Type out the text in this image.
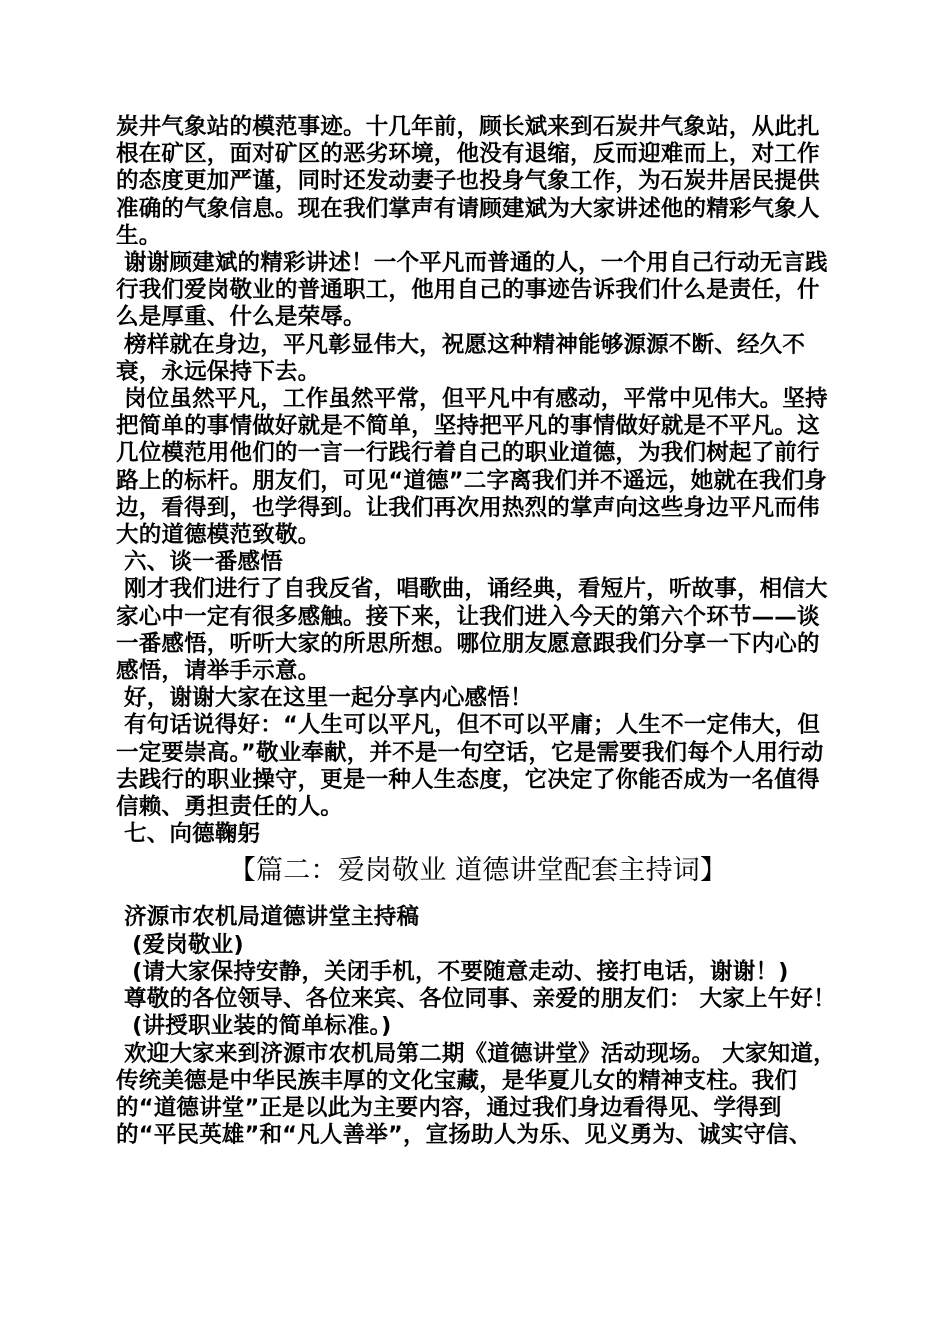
炭井气象站的模范事迹。十几年前，顾长斌来到石炭井气象站，从此扎根在矿区，面对矿区的恶劣环境，他没有退缩，反而迎难而上，对工作的态度更加严谨，同时还发动妻子也投身气象工作，为石炭井居民提供准确的气象信息。现在我们掌声有请顾建斌为大家讲述他的精彩气象人生。

谢谢顾建斌的精彩讲述！一个平凡而普通的人，一个用自己行动无言践行我们爱岗敬业的普通职工，他用自己的事迹告诉我们什么是责任，什么是厚重、什么是荣辱。

榜样就在身边，平凡彰显伟大，祝愿这种精神能够源源不断、经久不衰，永远保持下去。

岗位虽然平凡，工作虽然平常，但平凡中有感动，平常中见伟大。坚持把简单的事情做好就是不简单，坚持把平凡的事情做好就是不平凡。这几位模范用他们的一言一行践行着自己的职业道德，为我们树起了前行路上的标杆。朋友们，可见“道德”二字离我们并不遥远，她就在我们身边，看得到，也学得到。让我们再次用热烈的掌声向这些身边平凡而伟大的道德模范致敬。

六、谈一番感悟

刚才我们进行了自我反省，唱歌曲，诵经典，看短片，听故事，相信大家心中一定有很多感触。接下来，让我们进入今天的第六个环节——谈一番感悟，听听大家的所思所想。哪位朋友愿意跟我们分享一下内心的感悟，请举手示意。

好，谢谢大家在这里一起分享内心感悟！

有句话说得好：“人生可以平凡，但不可以平庸；人生不一定伟大，但一定要崇高。”敬业奉献，并不是一句空话，它是需要我们每个人用行动去践行的职业操守，更是一种人生态度，它决定了你能否成为一名值得信赖、勇担责任的人。

七、向德鞠躬

【篇二：爱岗敬业 道德讲堂配套主持词】

济源市农机局道德讲堂主持稿

(爱岗敬业)

(请大家保持安静，关闭手机，不要随意走动、接打电话，谢谢！)

尊敬的各位领导、各位来宾、各位同事、亲爱的朋友们： 大家上午好！

(讲授职业装的简单标准。)

欢迎大家来到济源市农机局第二期《道德讲堂》活动现场。 大家知道，传统美德是中华民族丰厚的文化宝藏，是华夏儿女的精神支柱。我们的“道德讲堂”正是以此为主要内容，通过我们身边看得见、学得到的“平民英雄”和“凡人善举”，宣扬助人为乐、见义勇为、诚实守信、
